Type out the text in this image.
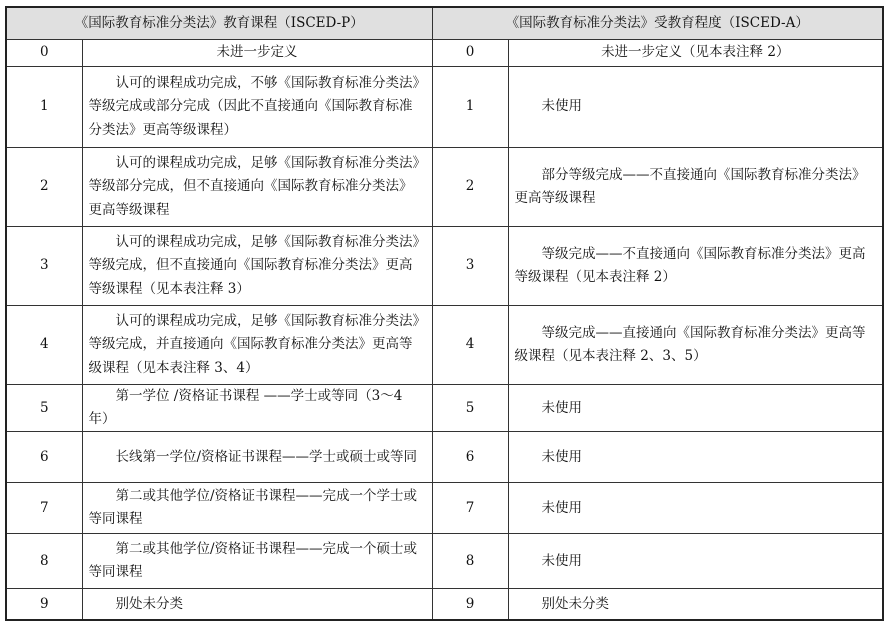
《国际教育标准分类法》教育课程（ISCED-P）		《国际教育标准分类法》受教育程度（ISCED-A）	
0	未进一步定义	0	未进一步定义（见本表注释 2）

1	认可的课程成功完成，不够《国际教育标准分类法》等级完成或部分完成（因此不直接通向《国际教育标准分类法》更高等级课程）	1	未使用

2	认可的课程成功完成，足够《国际教育标准分类法》等级部分完成，但不直接通向《国际教育标准分类法》更高等级课程	2	部分等级完成——不直接通向《国际教育标准分类法》更高等级课程

3	认可的课程成功完成，足够《国际教育标准分类法》等级完成，但不直接通向《国际教育标准分类法》更高等级课程（见本表注释 3）	3	等级完成——不直接通向《国际教育标准分类法》更高等级课程（见本表注释 2）

4	认可的课程成功完成，足够《国际教育标准分类法》等级完成，并直接通向《国际教育标准分类法》更高等级课程（见本表注释 3、4）	4	等级完成——直接通向《国际教育标准分类法》更高等级课程（见本表注释 2、3、5）

5	第一学位 /资格证书课程 ——学士或等同（3～4 年）	5	未使用

6	长线第一学位/资格证书课程——学士或硕士或等同	6	未使用

7	第二或其他学位/资格证书课程——完成一个学士或等同课程	7	未使用

8	第二或其他学位/资格证书课程——完成一个硕士或等同课程	8	未使用

9	别处未分类	9	别处未分类
